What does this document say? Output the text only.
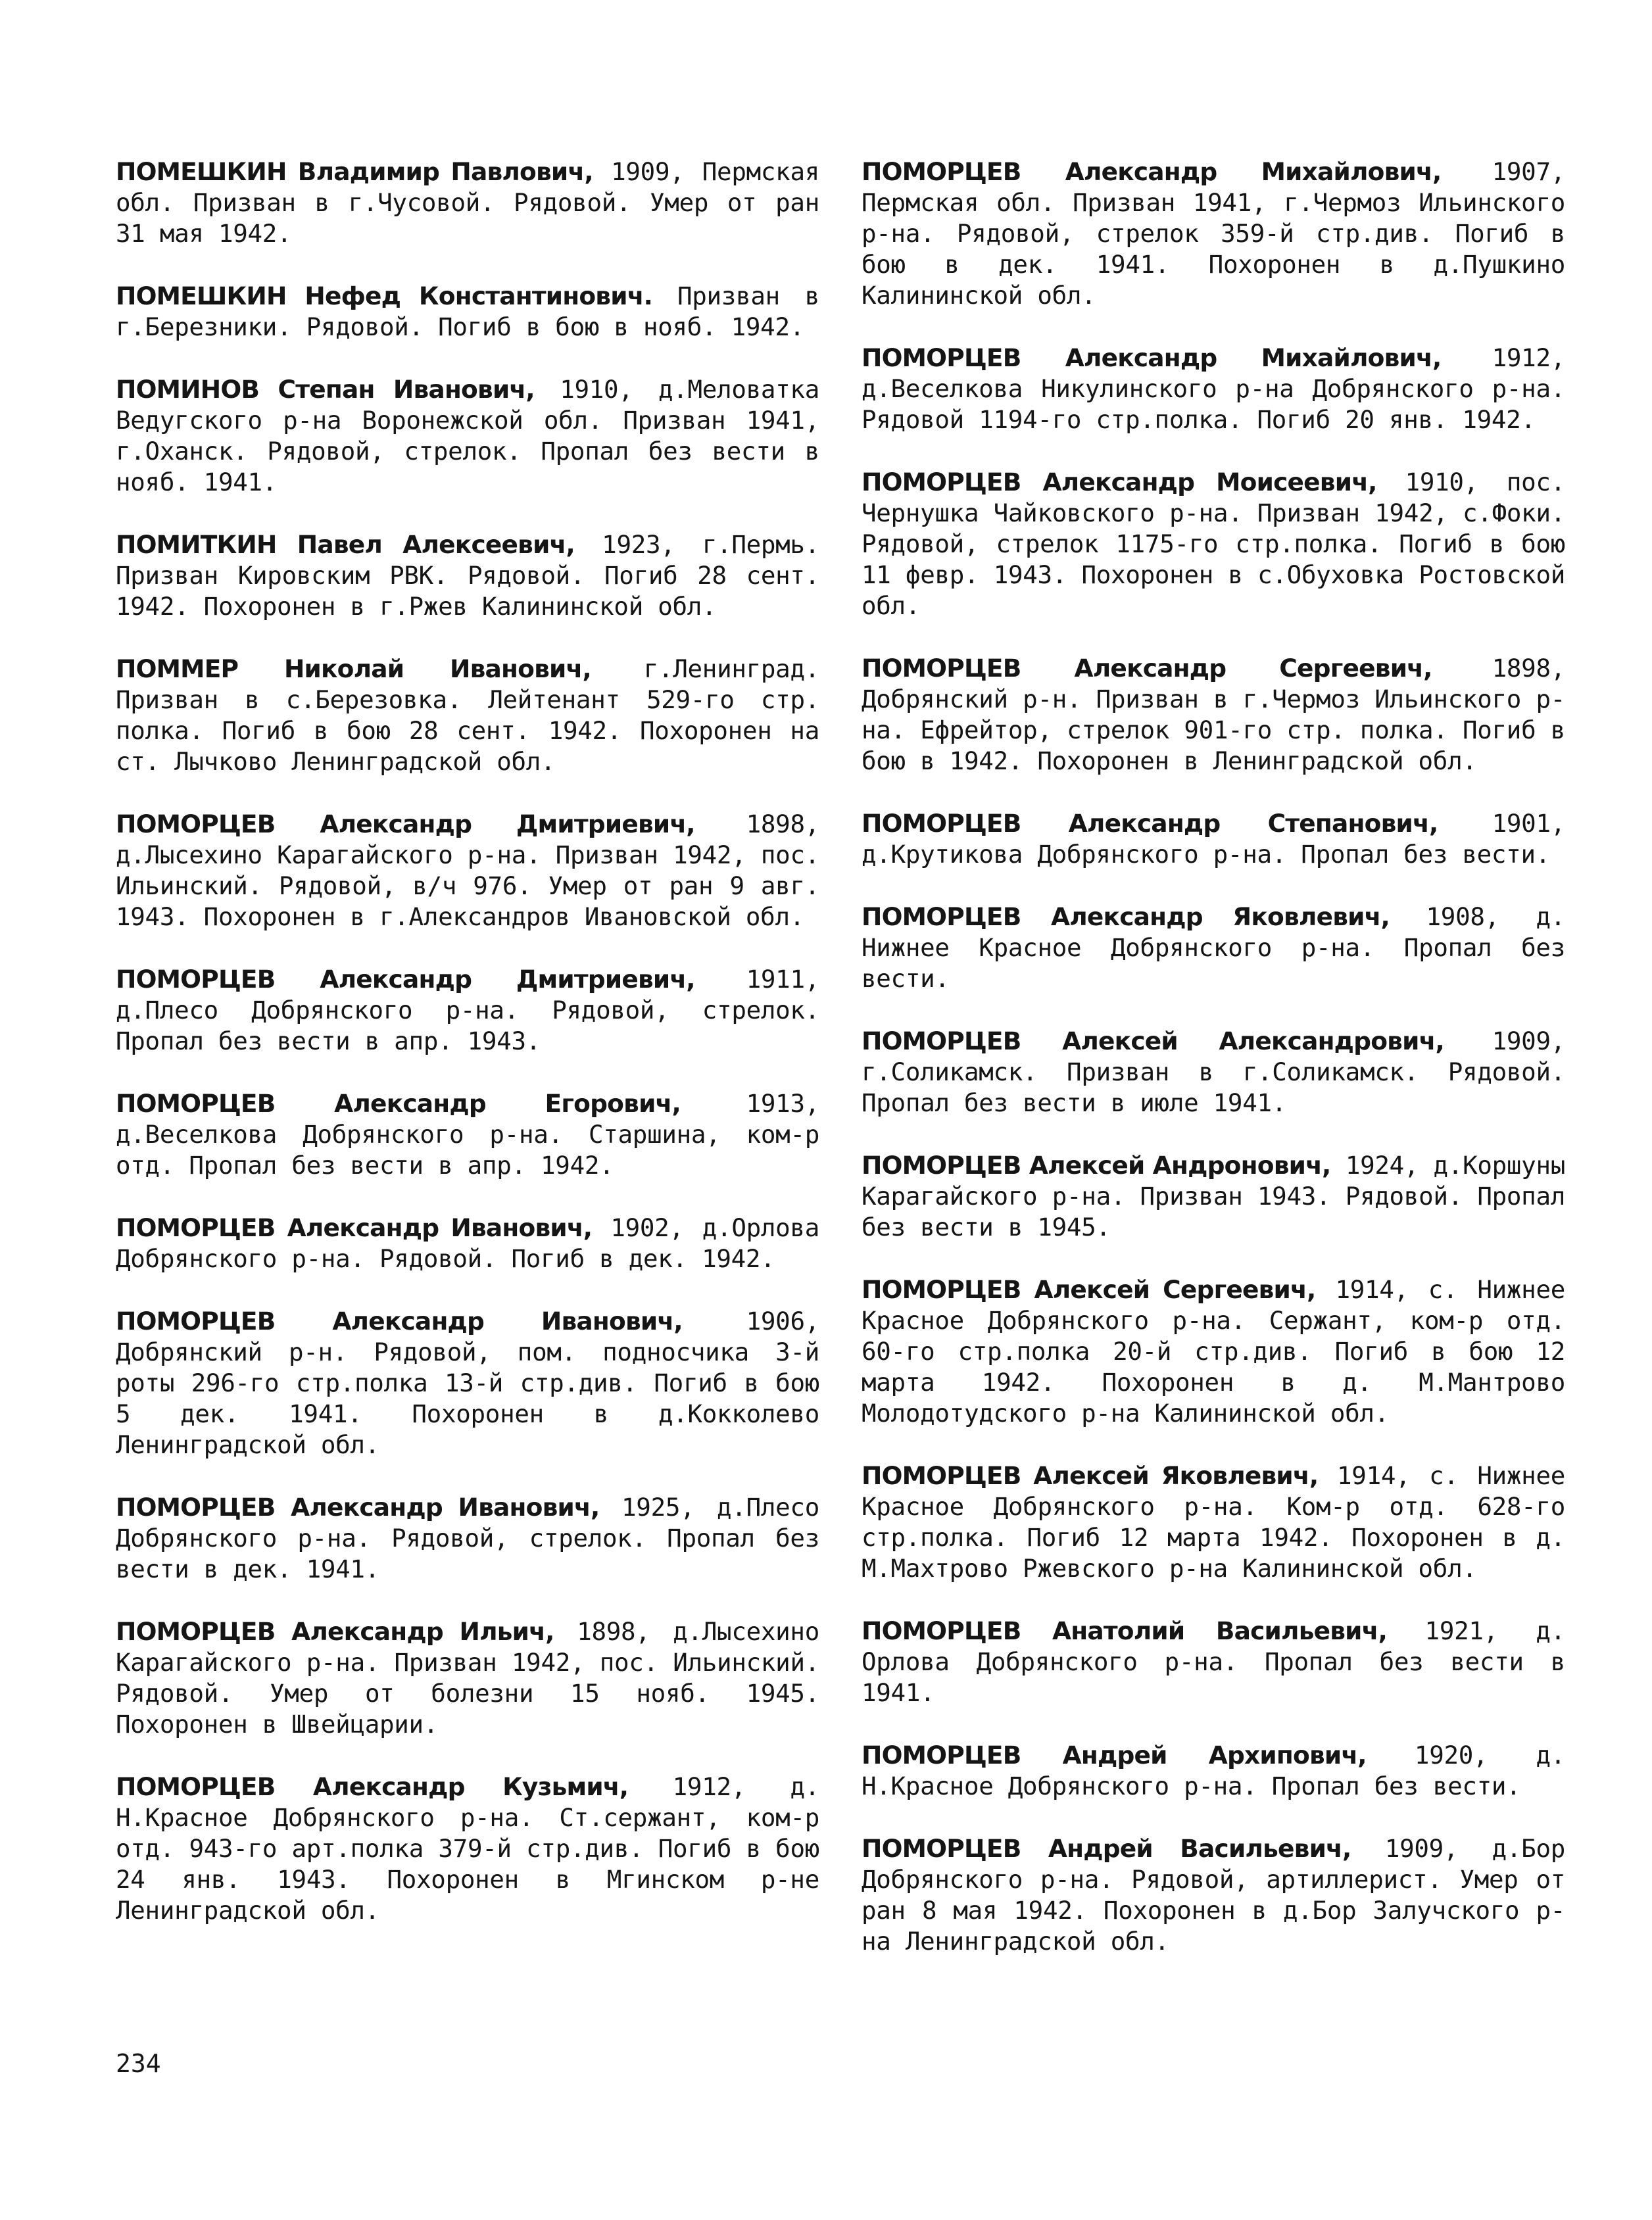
ПОМЕШКИН Владимир Павлович, 1909, Пермская обл. Призван в г.Чусовой. Рядовой. Умер от ран 31 мая 1942.

ПОМЕШКИН Нефед Константинович. Призван в г.Березники. Рядовой. Погиб в бою в нояб. 1942.

ПОМИНОВ Степан Иванович, 1910, д.Меловатка Ведугского р-на Воронежской обл. Призван 1941, г.Оханск. Рядовой, стрелок. Пропал без вести в нояб. 1941.

ПОМИТКИН Павел Алексеевич, 1923, г.Пермь. Призван Кировским РВК. Рядовой. Погиб 28 сент. 1942. Похоронен в г.Ржев Калининской обл.

ПОММЕР Николай Иванович, г.Ленинград. Призван в с.Березовка. Лейтенант 529-го стр. полка. Погиб в бою 28 сент. 1942. Похоронен на ст. Лычково Ленинградской обл.

ПОМОРЦЕВ Александр Дмитриевич, 1898, д.Лысехино Карагайского р-на. Призван 1942, пос. Ильинский. Рядовой, в/ч 976. Умер от ран 9 авг. 1943. Похоронен в г.Александров Ивановской обл.

ПОМОРЦЕВ Александр Дмитриевич, 1911, д.Плесо Добрянского р-на. Рядовой, стрелок. Пропал без вести в апр. 1943.

ПОМОРЦЕВ Александр Егорович,	1913, д.Веселкова Добрянского р-на. Старшина, ком-р отд. Пропал без вести в апр. 1942.

ПОМОРЦЕВ Александр Иванович, 1902, д.Орлова Добрянского р-на. Рядовой. Погиб в дек. 1942.

ПОМОРЦЕВ Александр Иванович,	1906, Добрянский р-н. Рядовой, пом. подносчика 3-й роты 296-го стр.полка 13-й стр.див. Погиб в бою 5 дек. 1941. Похоронен в д.Кокколево Ленинградской обл.

ПОМОРЦЕВ Александр Иванович, 1925, д.Плесо Добрянского р-на. Рядовой, стрелок. Пропал без вести в дек. 1941.

ПОМОРЦЕВ Александр Ильич, 1898, д.Лысехино Карагайского р-на. Призван 1942, пос. Ильинский. Рядовой. Умер от болезни 15 нояб. 1945. Похоронен в Швейцарии.

ПОМОРЦЕВ Александр Кузьмич, 1912, д. Н.Красное Добрянского р-на. Ст.сержант, ком-р отд. 943-го арт.полка 379-й стр.див. Погиб в бою 24 янв. 1943. Похоронен в Мгинском р-не Ленинградской обл.

ПОМОРЦЕВ Александр Михайлович, 1907, Пермская обл. Призван 1941, г.Чермоз Ильинского р-на. Рядовой, стрелок 359-й стр.див. Погиб в бою в дек. 1941. Похоронен в д.Пушкино Калининской обл.

ПОМОРЦЕВ Александр Михайлович, 1912, д.Веселкова Никулинского р-на Добрянского р-на. Рядовой 1194-го стр.полка. Погиб 20 янв. 1942.

ПОМОРЦЕВ Александр Моисеевич, 1910, пос. Чернушка Чайковского р-на. Призван 1942, с.Фоки. Рядовой, стрелок 1175-го стр.полка. Погиб в бою 11 февр. 1943. Похоронен в с.Обуховка Ростовской обл.

ПОМОРЦЕВ Александр Сергеевич, 1898, Добрянский р-н. Призван в г.Чермоз Ильинского р-на. Ефрейтор, стрелок 901-го стр. полка. Погиб в бою в 1942. Похоронен в Ленинградской обл.

ПОМОРЦЕВ Александр Степанович, 1901, д.Крутикова Добрянского р-на. Пропал без вести.

ПОМОРЦЕВ Александр Яковлевич, 1908, д. Нижнее Красное Добрянского р-на. Пропал без вести.

ПОМОРЦЕВ Алексей Александрович, 1909, г.Соликамск. Призван в г.Соликамск. Рядовой. Пропал без вести в июле 1941.

ПОМОРЦЕВ Алексей Андронович, 1924, д.Коршуны Карагайского р-на. Призван 1943. Рядовой. Пропал без вести в 1945.

ПОМОРЦЕВ Алексей Сергеевич, 1914, с. Нижнее Красное Добрянского р-на. Сержант, ком-р отд. 60-го стр.полка 20-й стр.див. Погиб в бою 12 марта 1942. Похоронен в д. М.Мантрово Молодотудского р-на Калининской обл.

ПОМОРЦЕВ Алексей Яковлевич, 1914, с. Нижнее Красное Добрянского р-на. Ком-р отд. 628-го стр.полка. Погиб 12 марта 1942. Похоронен в д. М.Махтрово Ржевского р-на Калининской обл.

ПОМОРЦЕВ Анатолий Васильевич, 1921, д. Орлова Добрянского р-на. Пропал без вести в 1941.

ПОМОРЦЕВ Андрей Архипович, 1920, д. Н.Красное Добрянского р-на. Пропал без вести.

ПОМОРЦЕВ Андрей Васильевич, 1909, д.Бор Добрянского р-на. Рядовой, артиллерист. Умер от ран 8 мая 1942. Похоронен в д.Бор Залучского р-на Ленинградской обл.

234
